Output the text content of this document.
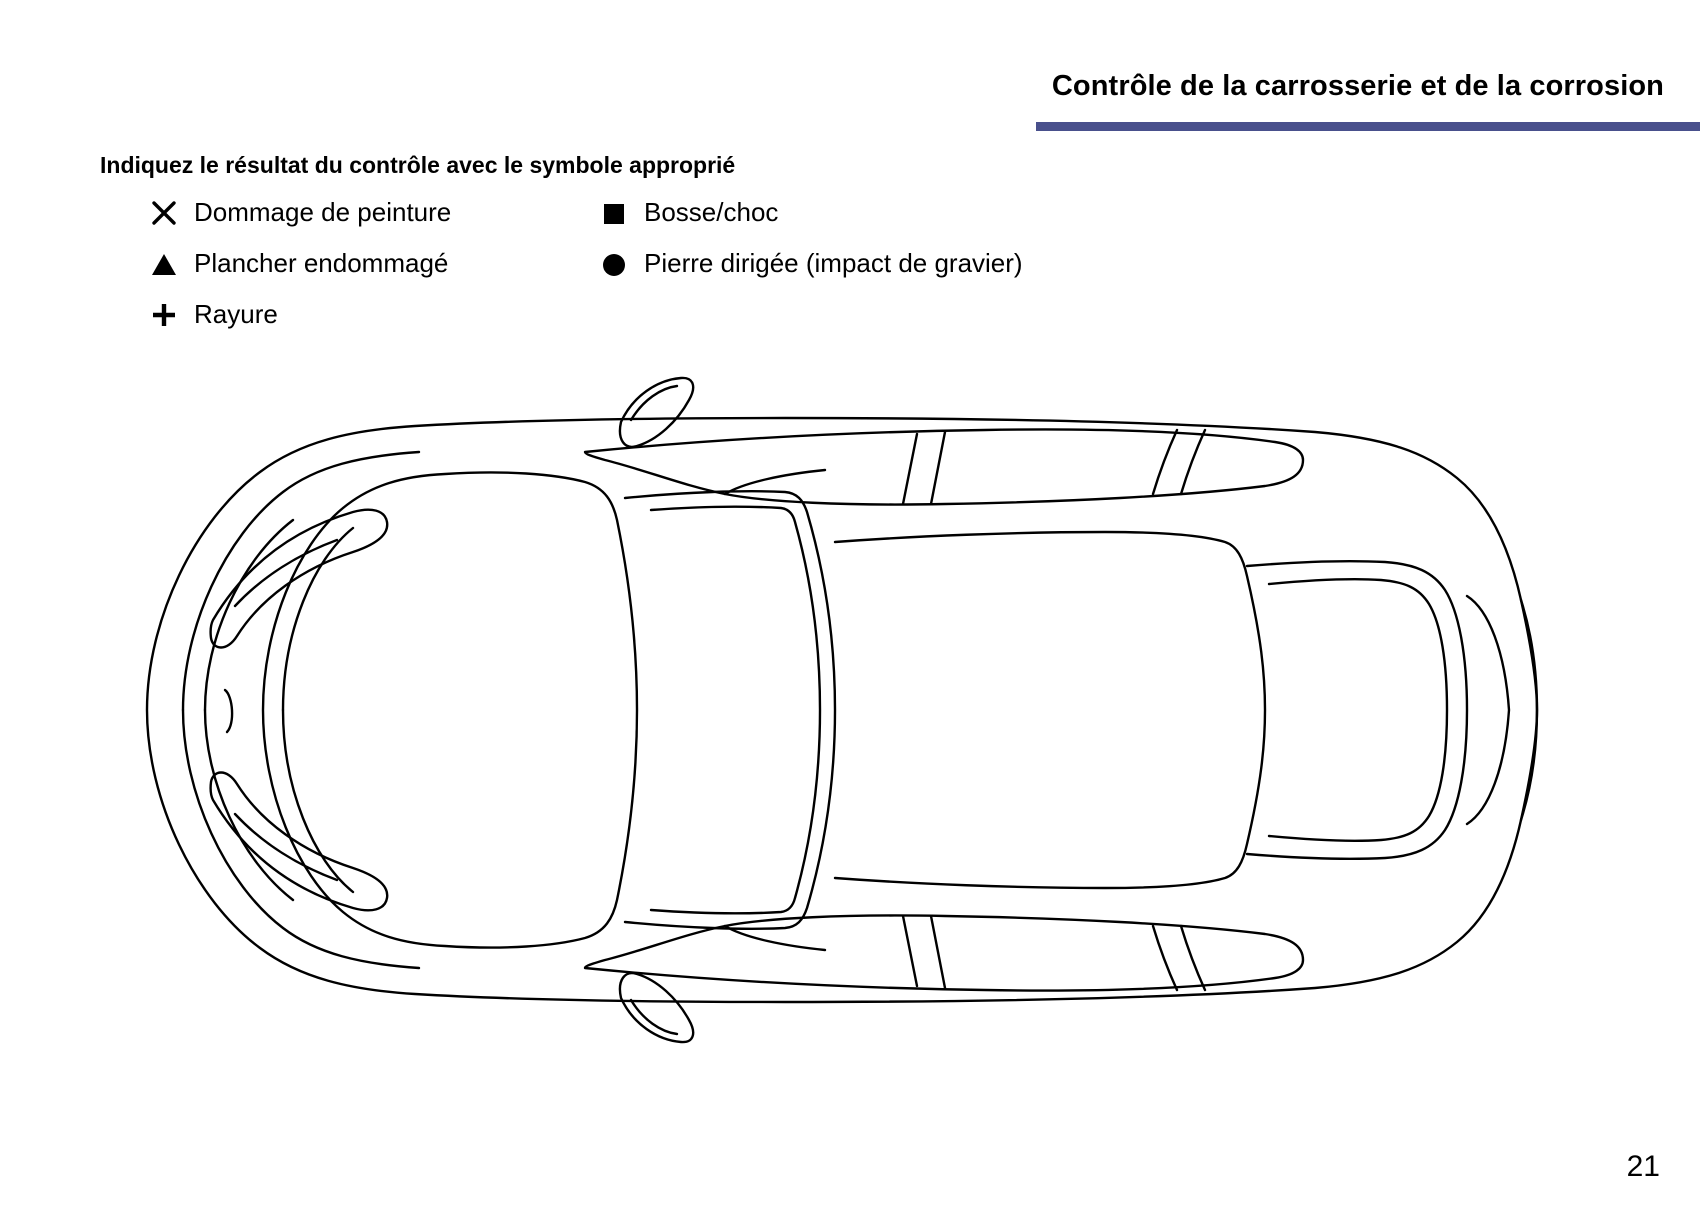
Contrôle de la carrosserie et de la corrosion
Indiquez le résultat du contrôle avec le symbole approprié
Dommage de peinture	Bosse/choc
Plancher endommagé	Pierre dirigée (impact de gravier)
Rayure
21
